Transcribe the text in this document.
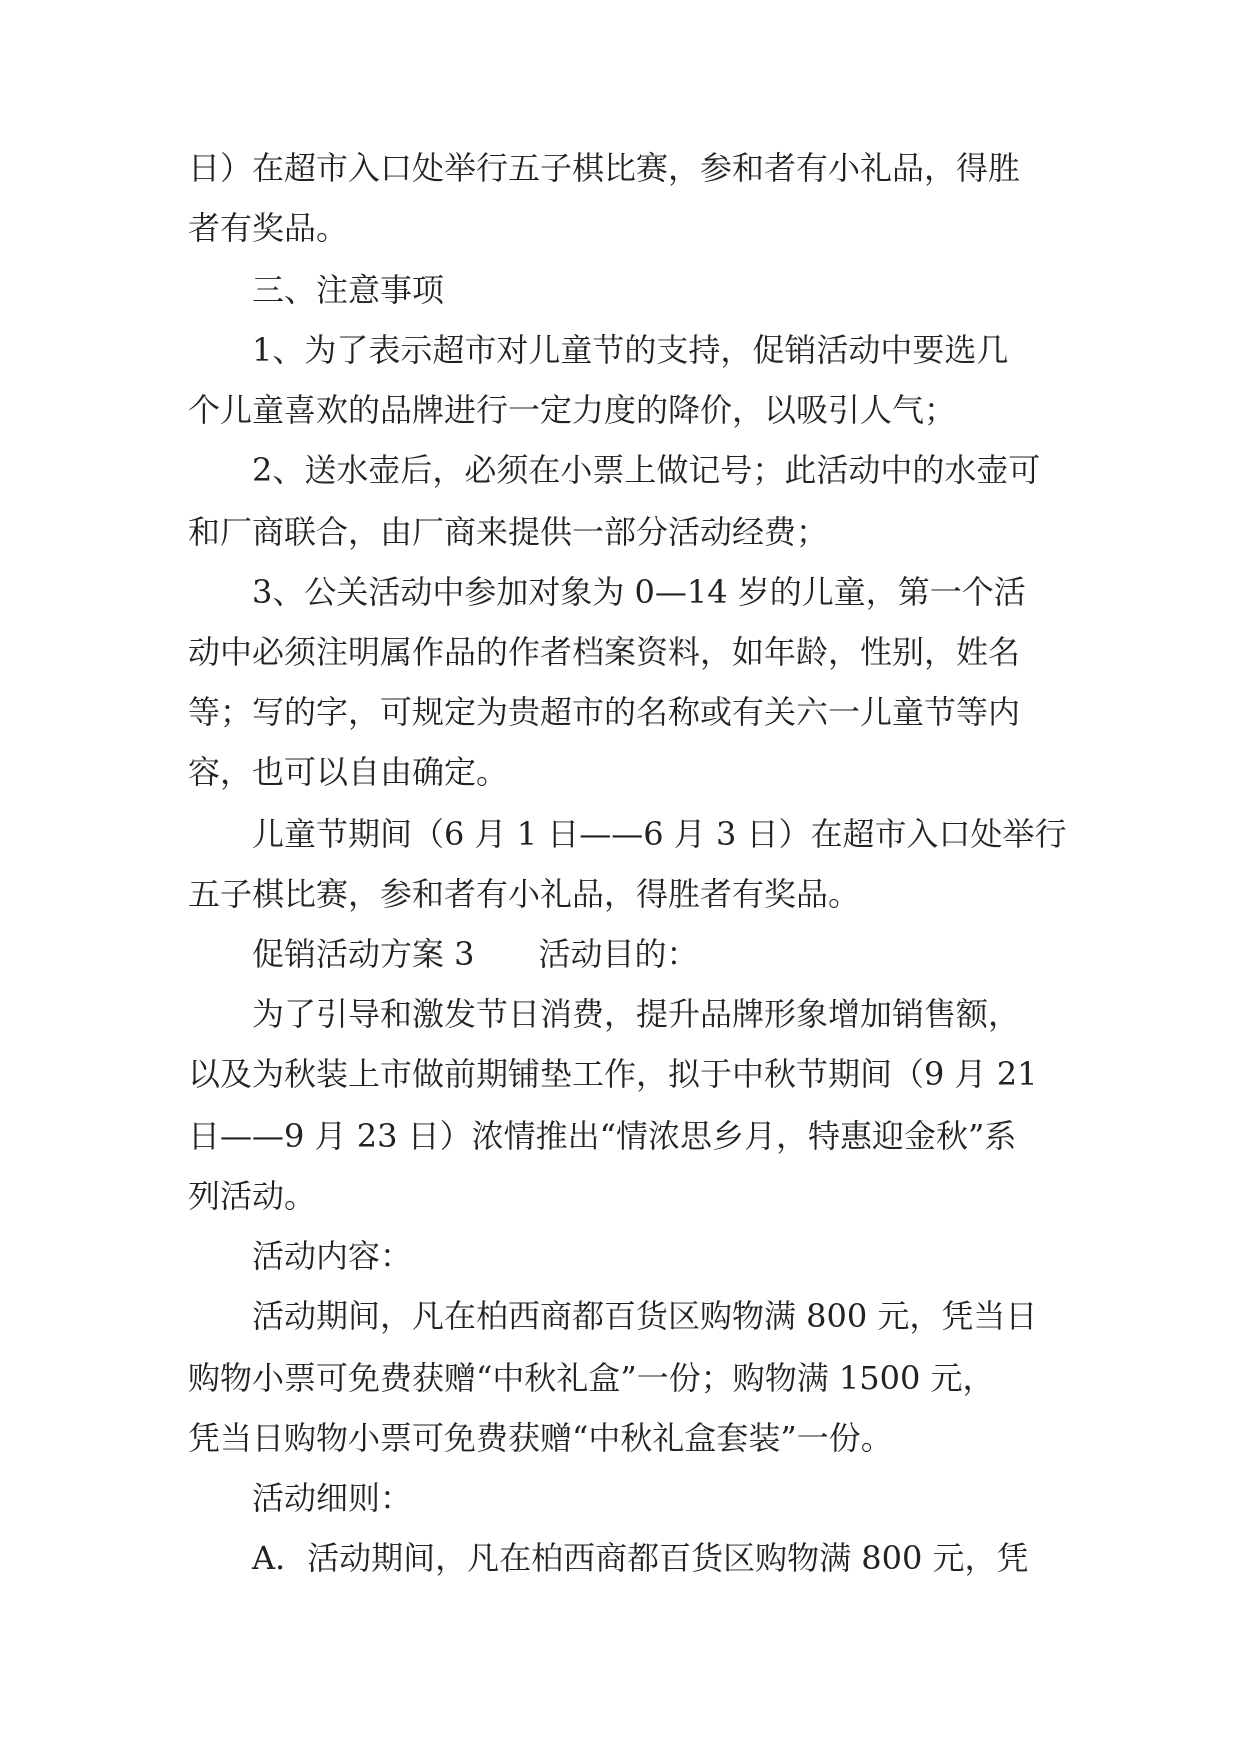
日）在超市入口处举行五子棋比赛，参和者有小礼品，得胜
者有奖品。
三、注意事项
1、为了表示超市对儿童节的支持，促销活动中要选几
个儿童喜欢的品牌进行一定力度的降价，以吸引人气；
2、送水壶后，必须在小票上做记号；此活动中的水壶可
和厂商联合，由厂商来提供一部分活动经费；
3、公关活动中参加对象为 0—14 岁的儿童，第一个活
动中必须注明属作品的作者档案资料，如年龄，性别，姓名
等；写的字，可规定为贵超市的名称或有关六一儿童节等内
容，也可以自由确定。
儿童节期间（6 月 1 日——6 月 3 日）在超市入口处举行
五子棋比赛，参和者有小礼品，得胜者有奖品。
促销活动方案 3　　活动目的：
为了引导和激发节日消费，提升品牌形象增加销售额，
以及为秋装上市做前期铺垫工作，拟于中秋节期间（9 月 21
日——9 月 23 日）浓情推出“情浓思乡月，特惠迎金秋”系
列活动。
活动内容：
活动期间，凡在柏西商都百货区购物满 800 元，凭当日
购物小票可免费获赠“中秋礼盒”一份；购物满 1500 元，
凭当日购物小票可免费获赠“中秋礼盒套装”一份。
活动细则：
A．活动期间，凡在柏西商都百货区购物满 800 元，凭
